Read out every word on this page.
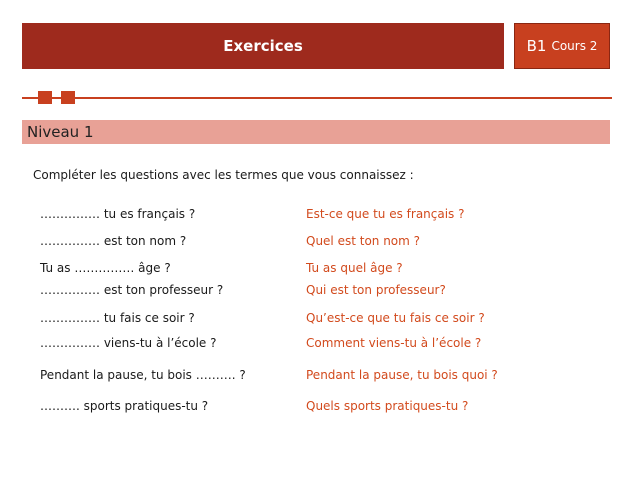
Exercices	B1 Cours 2
Niveau 1
Compléter les questions avec les termes que vous connaissez :
…………… tu es français ?	Est-ce que tu es français ?
…………… est ton nom ?	Quel est ton nom ?
Tu as …………… âge ?	Tu as quel âge ?
…………… est ton professeur ?	Qui est ton professeur?
…………… tu fais ce soir ?	Qu’est-ce que tu fais ce soir ?
…………… viens-tu à l’école ?	Comment viens-tu à l’école ?
Pendant la pause, tu bois ………. ?	Pendant la pause, tu bois quoi ?
………. sports pratiques-tu ?	Quels sports pratiques-tu ?
